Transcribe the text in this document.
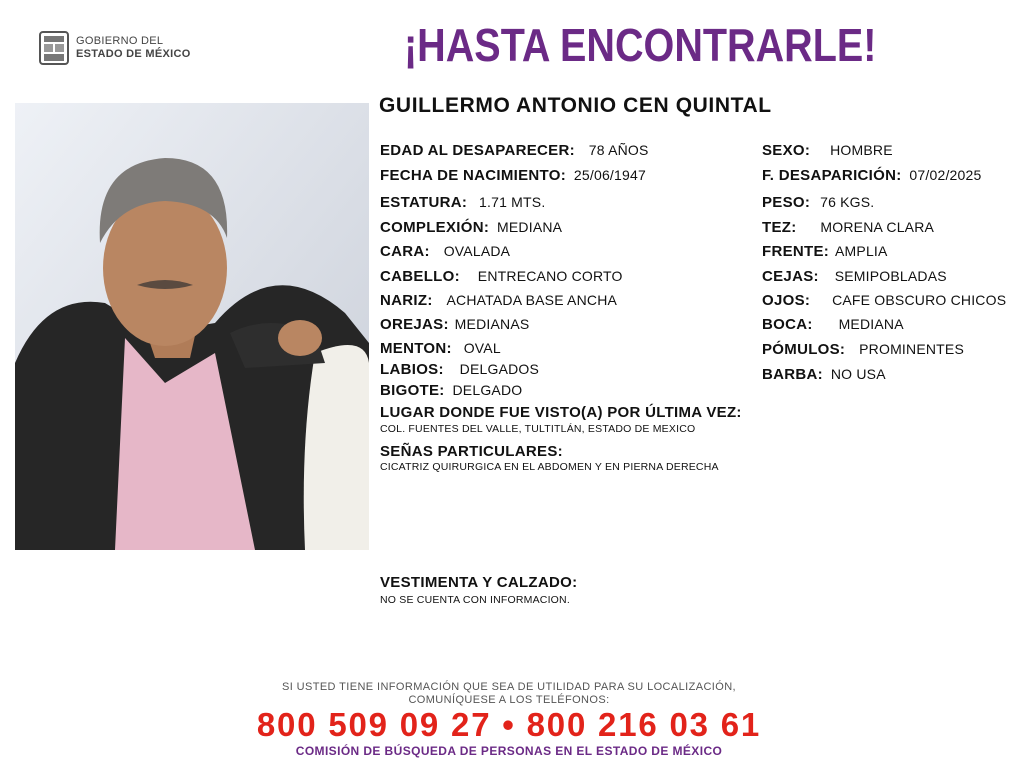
GOBIERNO DEL
ESTADO DE MÉXICO	¡HASTA ENCONTRARLE!
GUILLERMO ANTONIO CEN QUINTAL
EDAD AL DESAPARECER: 78 AÑOS
FECHA DE NACIMIENTO: 25/06/1947
ESTATURA: 1.71 MTS.
COMPLEXIÓN: MEDIANA
CARA: OVALADA
CABELLO: ENTRECANO CORTO
NARIZ: ACHATADA BASE ANCHA
OREJAS: MEDIANAS
MENTON: OVAL
LABIOS: DELGADOS
BIGOTE: DELGADO
SEXO: HOMBRE
F. DESAPARICIÓN: 07/02/2025
PESO: 76 KGS.
TEZ: MORENA CLARA
FRENTE: AMPLIA
CEJAS: SEMIPOBLADAS
OJOS: CAFE OBSCURO CHICOS
BOCA: MEDIANA
PÓMULOS: PROMINENTES
BARBA: NO USA
LUGAR DONDE FUE VISTO(A) POR ÚLTIMA VEZ:
COL. FUENTES DEL VALLE, TULTITLÁN, ESTADO DE MEXICO
SEÑAS PARTICULARES:
CICATRIZ QUIRURGICA EN EL ABDOMEN Y EN PIERNA DERECHA
VESTIMENTA Y CALZADO:
NO SE CUENTA CON INFORMACION.
SI USTED TIENE INFORMACIÓN QUE SEA DE UTILIDAD PARA SU LOCALIZACIÓN,
COMUNÍQUESE A LOS TELÉFONOS:
800 509 09 27 • 800 216 03 61
COMISIÓN DE BÚSQUEDA DE PERSONAS EN EL ESTADO DE MÉXICO
